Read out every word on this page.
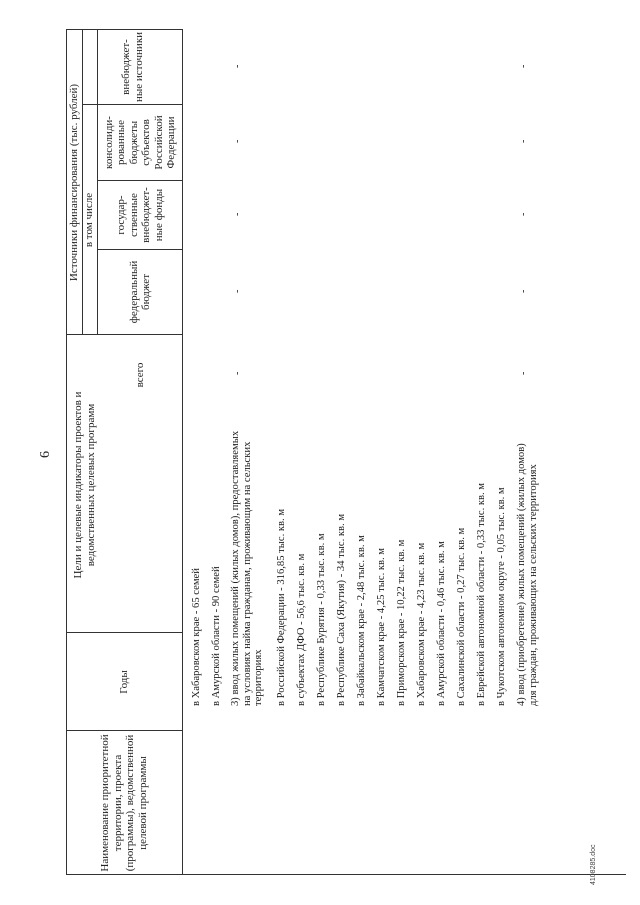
6
Наименование приоритетной территории, проекта (программы), ведомственной целевой программы
Годы
Цели и целевые индикаторы проектов и ведомственных целевых программ
Источники финансирования (тыс. рублей) в том числе
всего
федеральный бюджет
государ- ственные внебюджет- ные фонды
консолиди- рованные бюджеты субъектов Российской Федерации
внебюджет- ные источники
в Хабаровском крае - 65 семей в Амурской области - 90 семей 3) ввод жилых помещений (жилых домов), предоставляемых на условиях найма гражданам, проживающим на сельских территориях в Российской Федерации - 316,85 тыс. кв. м в субъектах ДФО - 56,6 тыс. кв. м в Республике Бурятия - 0,33 тыс. кв. м в Республике Саха (Якутия) - 34 тыс. кв. м в Забайкальском крае - 2,48 тыс. кв. м в Камчатском крае - 4,25 тыс. кв. м в Приморском крае - 10,22 тыс. кв. м в Хабаровском крае - 4,23 тыс. кв. м в Амурской области - 0,46 тыс. кв. м в Сахалинской области - 0,27 тыс. кв. м в Еврейской автономной области - 0,33 тыс. кв. м в Чукотском автономном округе - 0,05 тыс. кв. м 4) ввод (приобретение) жилых помещений (жилых домов) для граждан, проживающих на сельских территориях
-
-
-
-
-
-
-
-
-
-
4108285.doc
